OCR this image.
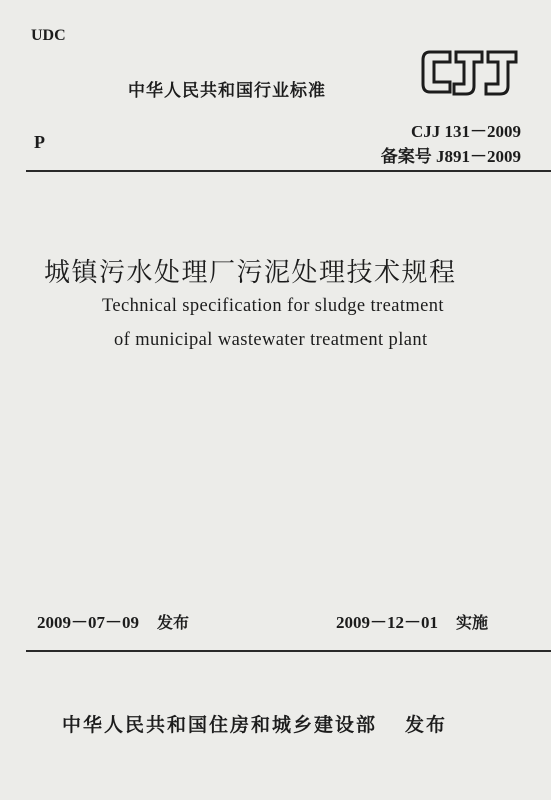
UDC
中华人民共和国行业标准
P
CJJ 131－2009
备案号 J891－2009
城镇污水处理厂污泥处理技术规程
Technical specification for sludge treatment
of municipal wastewater treatment plant
2009－07－09 发布	2009－12－01 实施
中华人民共和国住房和城乡建设部 发布
